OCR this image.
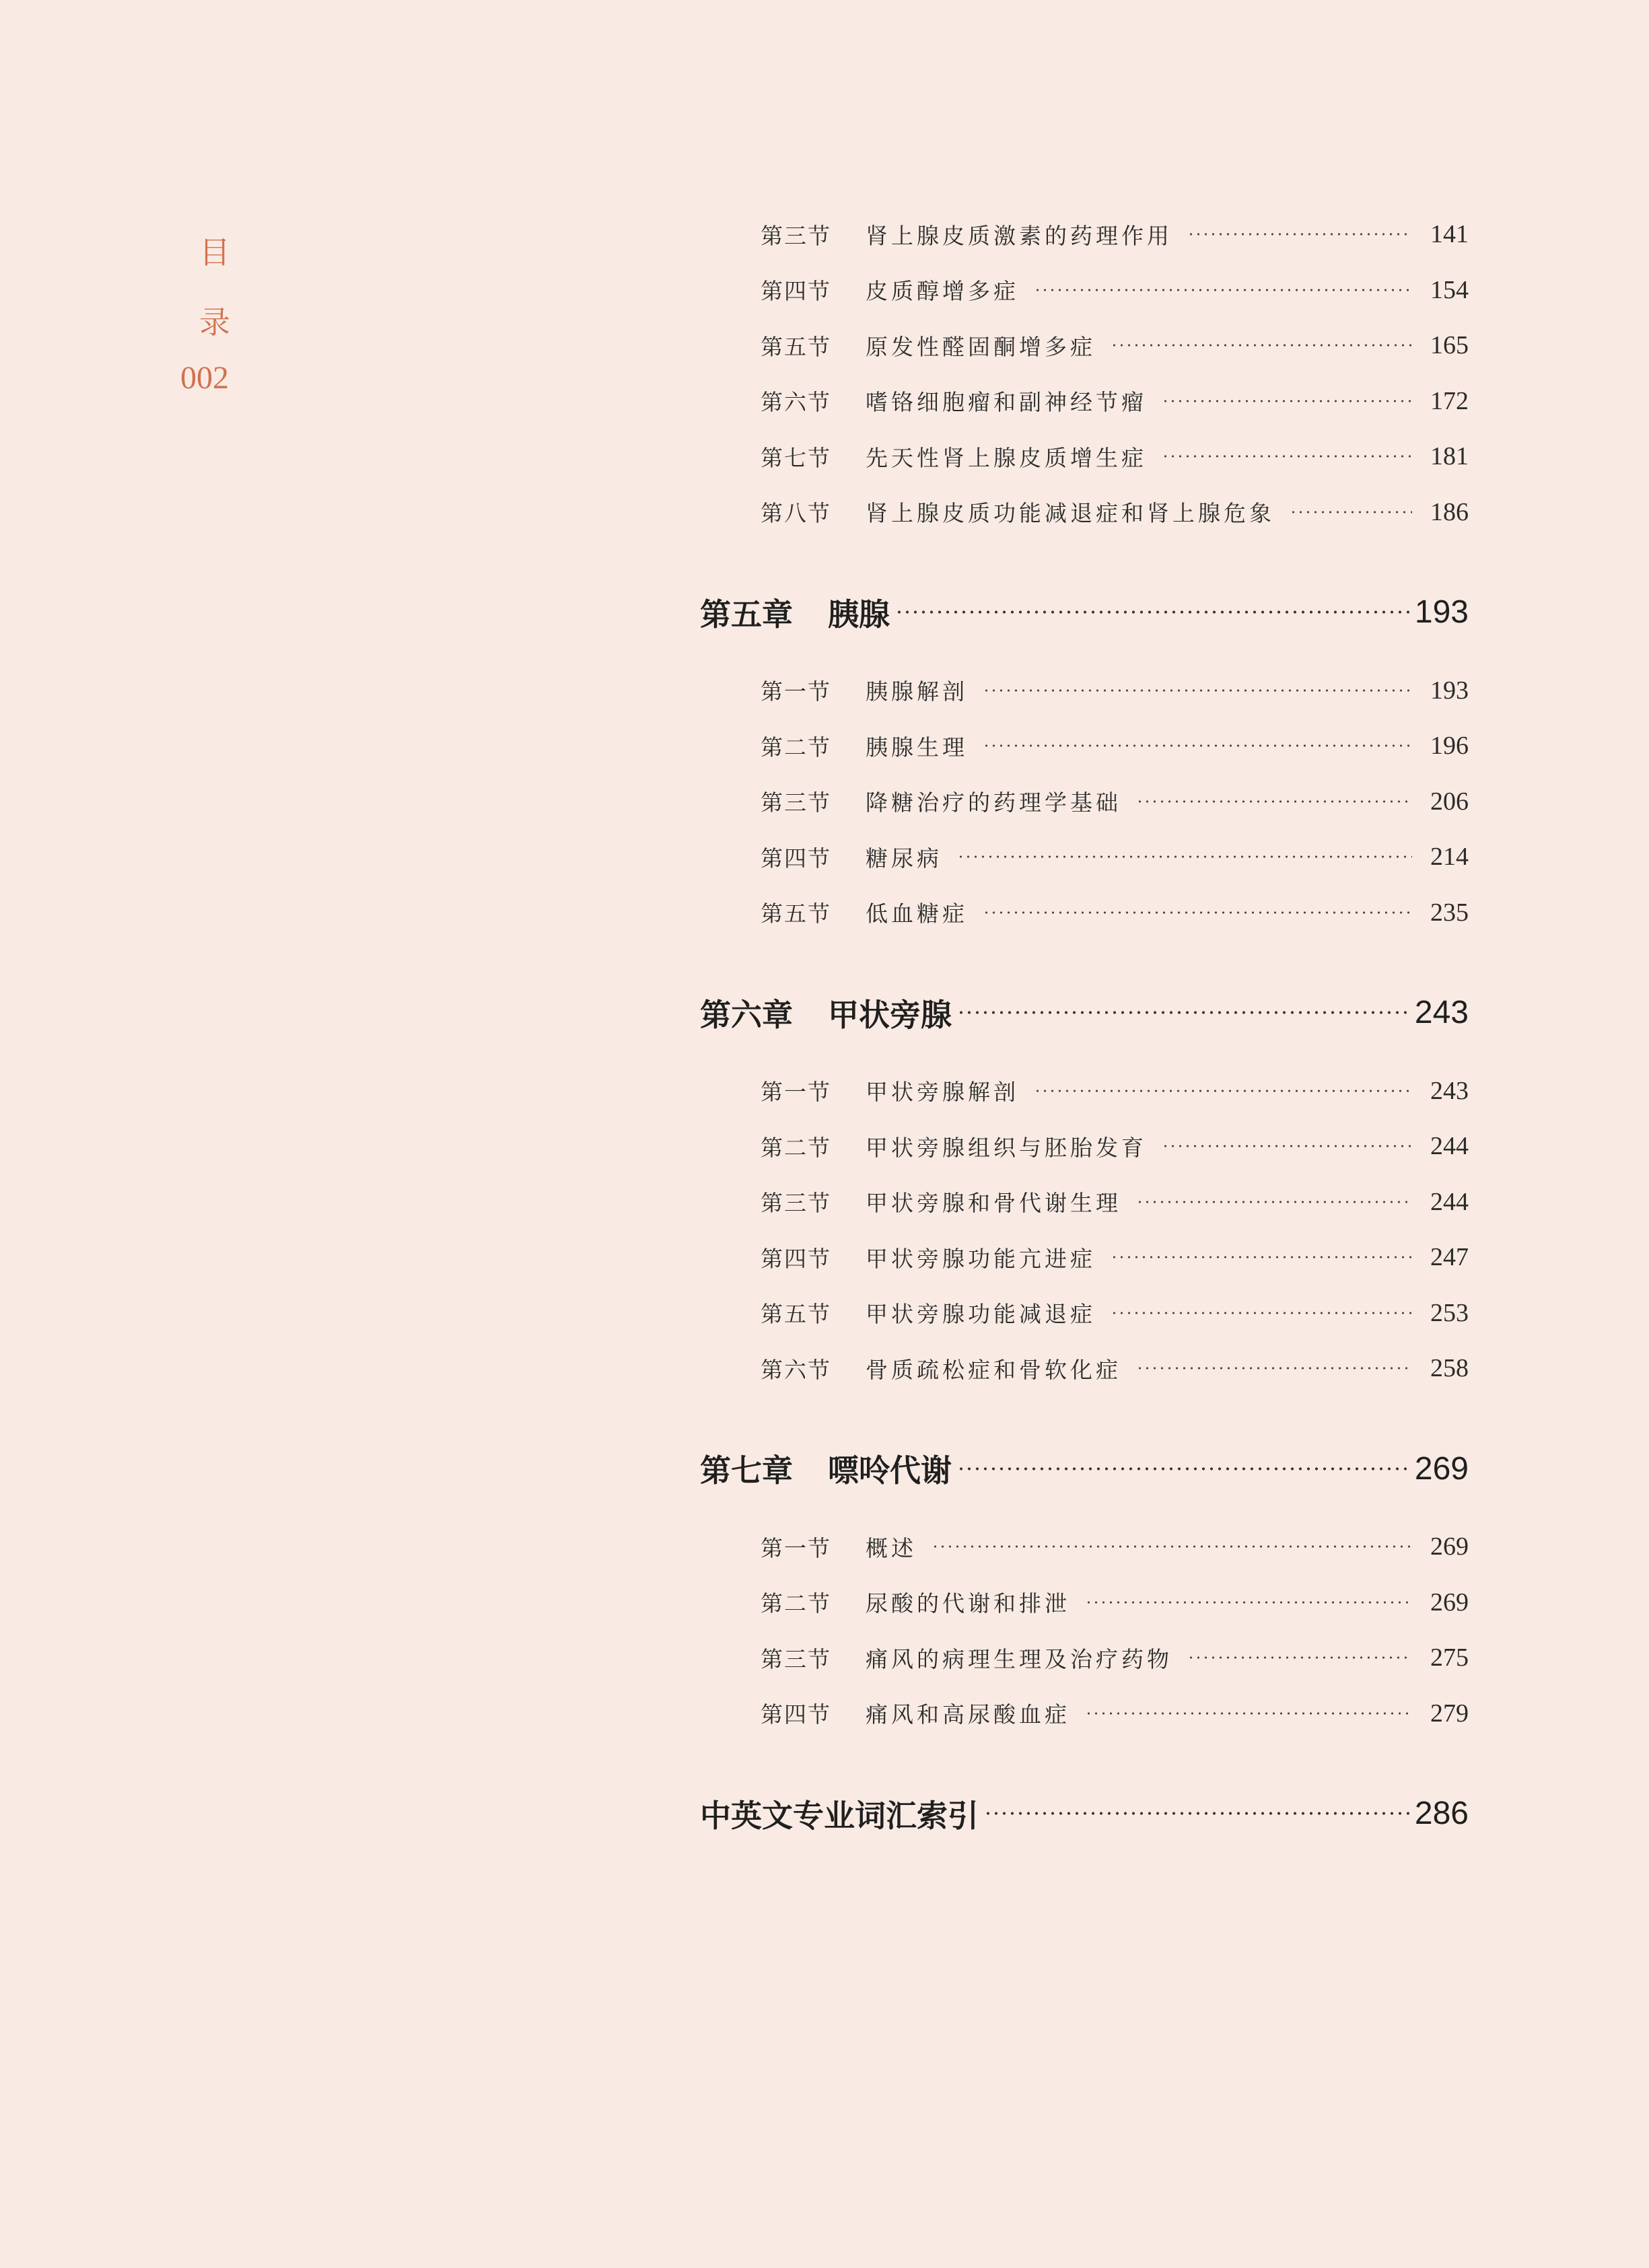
目
录
002
第三节	肾上腺皮质激素的药理作用	141
第四节	皮质醇增多症	154
第五节	原发性醛固酮增多症	165
第六节	嗜铬细胞瘤和副神经节瘤	172
第七节	先天性肾上腺皮质增生症	181
第八节	肾上腺皮质功能减退症和肾上腺危象	186
第五章 胰腺	193
第一节	胰腺解剖	193
第二节	胰腺生理	196
第三节	降糖治疗的药理学基础	206
第四节	糖尿病	214
第五节	低血糖症	235
第六章 甲状旁腺	243
第一节	甲状旁腺解剖	243
第二节	甲状旁腺组织与胚胎发育	244
第三节	甲状旁腺和骨代谢生理	244
第四节	甲状旁腺功能亢进症	247
第五节	甲状旁腺功能减退症	253
第六节	骨质疏松症和骨软化症	258
第七章 嘌呤代谢	269
第一节	概述	269
第二节	尿酸的代谢和排泄	269
第三节	痛风的病理生理及治疗药物	275
第四节	痛风和高尿酸血症	279
中英文专业词汇索引	286
